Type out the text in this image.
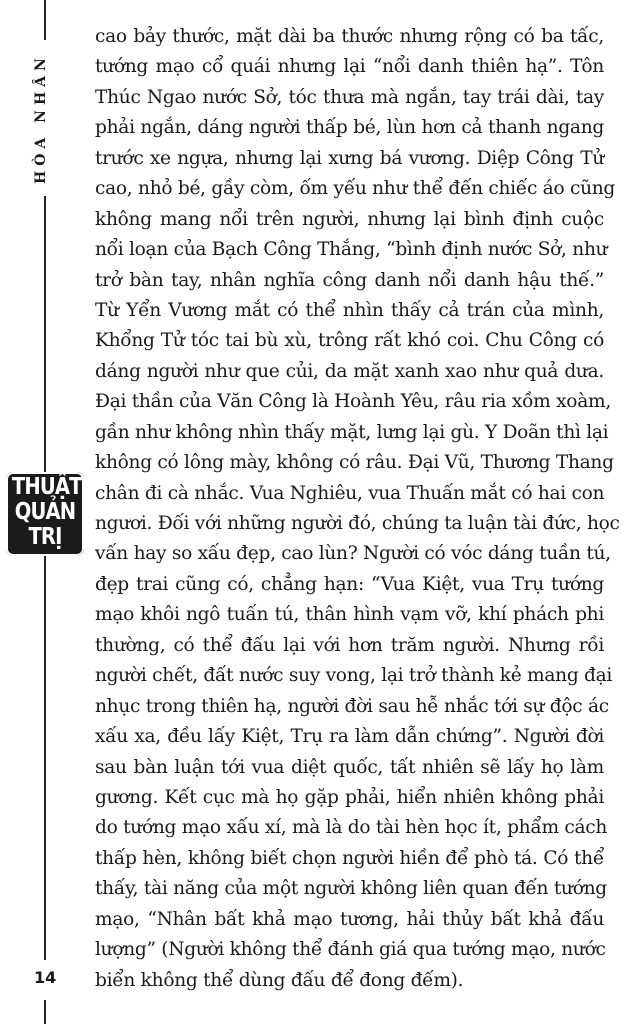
HÒA NHÂN
THUẬT
QUẢN
TRỊ
14
cao bảy thước, mặt dài ba thước nhưng rộng có ba tấc,
tướng mạo cổ quái nhưng lại “nổi danh thiên hạ”. Tôn
Thúc Ngao nước Sở, tóc thưa mà ngắn, tay trái dài, tay
phải ngắn, dáng người thấp bé, lùn hơn cả thanh ngang
trước xe ngựa, nhưng lại xưng bá vương. Diệp Công Tử
cao, nhỏ bé, gầy còm, ốm yếu như thể đến chiếc áo cũng
không mang nổi trên người, nhưng lại bình định cuộc
nổi loạn của Bạch Công Thắng, “bình định nước Sở, như
trở bàn tay, nhân nghĩa công danh nổi danh hậu thế.”
Từ Yển Vương mắt có thể nhìn thấy cả trán của mình,
Khổng Tử tóc tai bù xù, trông rất khó coi. Chu Công có
dáng người như que củi, da mặt xanh xao như quả dưa.
Đại thần của Văn Công là Hoành Yêu, râu ria xồm xoàm,
gần như không nhìn thấy mặt, lưng lại gù. Y Doãn thì lại
không có lông mày, không có râu. Đại Vũ, Thương Thang
chân đi cà nhắc. Vua Nghiêu, vua Thuấn mắt có hai con
ngươi. Đối với những người đó, chúng ta luận tài đức, học
vấn hay so xấu đẹp, cao lùn? Người có vóc dáng tuần tú,
đẹp trai cũng có, chẳng hạn: “Vua Kiệt, vua Trụ tướng
mạo khôi ngô tuấn tú, thân hình vạm vỡ, khí phách phi
thường, có thể đấu lại với hơn trăm người. Nhưng rồi
người chết, đất nước suy vong, lại trở thành kẻ mang đại
nhục trong thiên hạ, người đời sau hễ nhắc tới sự độc ác
xấu xa, đều lấy Kiệt, Trụ ra làm dẫn chứng”. Người đời
sau bàn luận tới vua diệt quốc, tất nhiên sẽ lấy họ làm
gương. Kết cục mà họ gặp phải, hiển nhiên không phải
do tướng mạo xấu xí, mà là do tài hèn học ít, phẩm cách
thấp hèn, không biết chọn người hiền để phò tá. Có thể
thấy, tài năng của một người không liên quan đến tướng
mạo, “Nhân bất khả mạo tương, hải thủy bất khả đấu
lượng” (Người không thể đánh giá qua tướng mạo, nước
biển không thể dùng đấu để đong đếm).
